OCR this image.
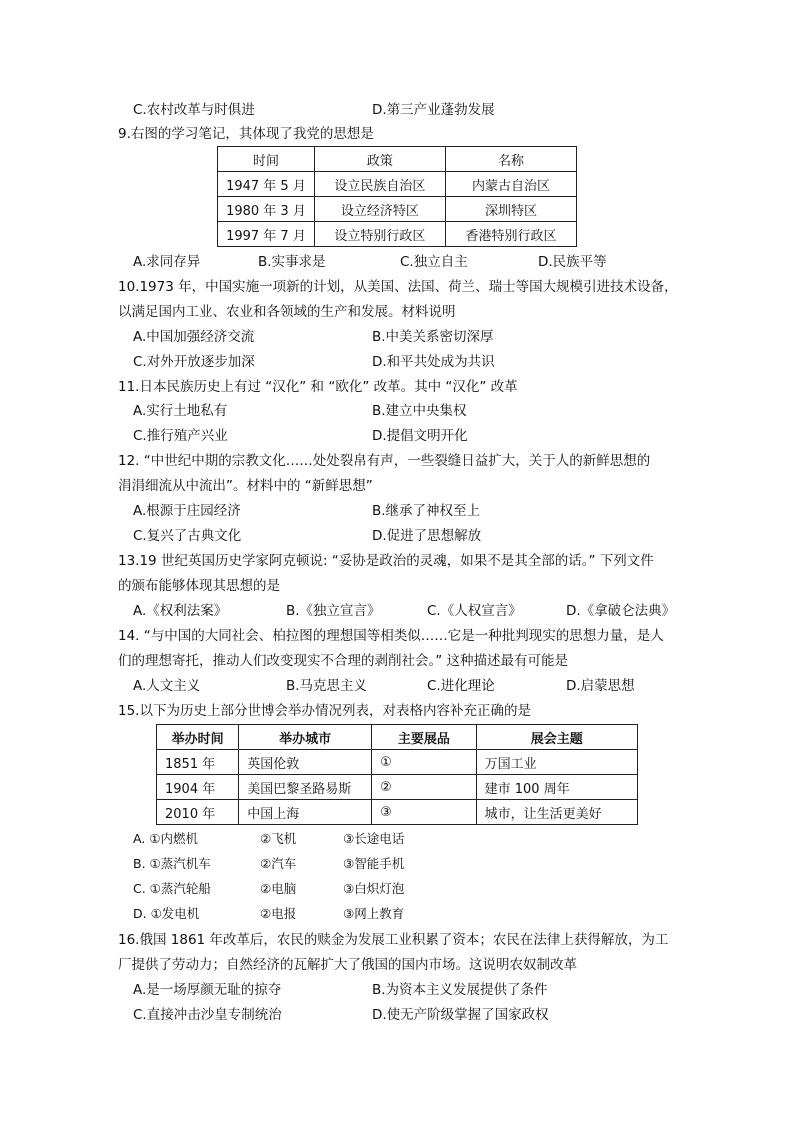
C.农村改革与时俱进	D.第三产业蓬勃发展
9.右图的学习笔记，其体现了我党的思想是
时间	政策	名称
1947 年 5 月	设立民族自治区	内蒙古自治区
1980 年 3 月	设立经济特区	深圳特区
1997 年 7 月	设立特别行政区	香港特别行政区
A.求同存异	B.实事求是	C.独立自主	D.民族平等
10.1973 年，中国实施一项新的计划，从美国、法国、荷兰、瑞士等国大规模引进技术设备，
以满足国内工业、农业和各领域的生产和发展。材料说明
A.中国加强经济交流	B.中美关系密切深厚
C.对外开放逐步加深	D.和平共处成为共识
11.日本民族历史上有过 “汉化” 和 “欧化” 改革。其中 “汉化” 改革
A.实行土地私有	B.建立中央集权
C.推行殖产兴业	D.提倡文明开化
12. “中世纪中期的宗教文化……处处裂帛有声，一些裂缝日益扩大，关于人的新鲜思想的
涓涓细流从中流出”。材料中的 “新鲜思想”
A.根源于庄园经济	B.继承了神权至上
C.复兴了古典文化	D.促进了思想解放
13.19 世纪英国历史学家阿克顿说: “妥协是政治的灵魂，如果不是其全部的话。” 下列文件
的颁布能够体现其思想的是
A.《权利法案》	B.《独立宣言》	C.《人权宣言》	D.《拿破仑法典》
14. “与中国的大同社会、柏拉图的理想国等相类似……它是一种批判现实的思想力量，是人
们的理想寄托，推动人们改变现实不合理的剥削社会。” 这种描述最有可能是
A.人文主义	B.马克思主义	C.进化理论	D.启蒙思想
15.以下为历史上部分世博会举办情况列表，对表格内容补充正确的是
举办时间	举办城市	主要展品	展会主题
1851 年	英国伦敦	①	万国工业
1904 年	美国巴黎圣路易斯	②	建市 100 周年
2010 年	中国上海	③	城市，让生活更美好
A. ①内燃机	②飞机	③长途电话
B. ①蒸汽机车	②汽车	③智能手机
C. ①蒸汽轮船	②电脑	③白炽灯泡
D. ①发电机	②电报	③网上教育
16.俄国 1861 年改革后，农民的赎金为发展工业积累了资本；农民在法律上获得解放，为工
厂提供了劳动力；自然经济的瓦解扩大了俄国的国内市场。这说明农奴制改革
A.是一场厚颜无耻的掠夺	B.为资本主义发展提供了条件
C.直接冲击沙皇专制统治	D.使无产阶级掌握了国家政权
